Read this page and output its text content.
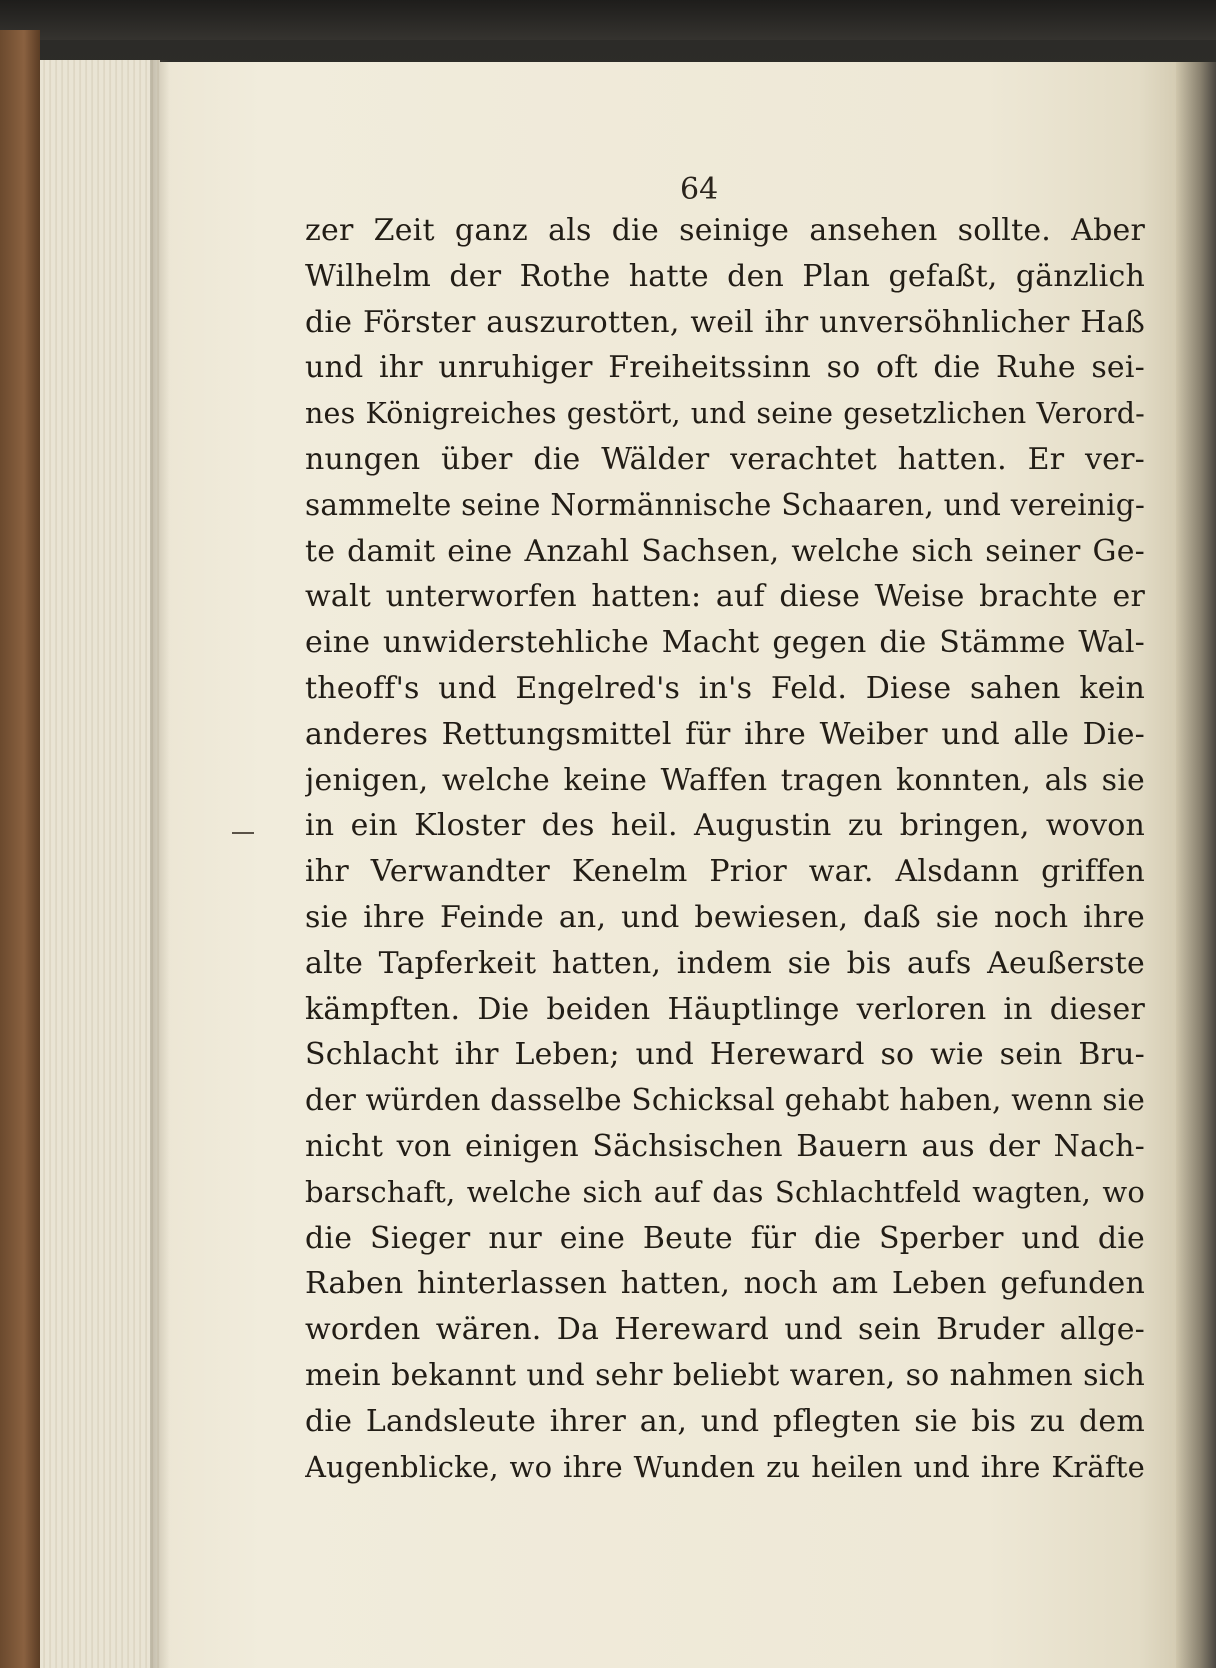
64
zer Zeit ganz als die seinige ansehen sollte. Aber
Wilhelm der Rothe hatte den Plan gefaßt, gänzlich
die Förster auszurotten, weil ihr unversöhnlicher Haß
und ihr unruhiger Freiheitssinn so oft die Ruhe sei-
nes Königreiches gestört, und seine gesetzlichen Verord-
nungen über die Wälder verachtet hatten. Er ver-
sammelte seine Normännische Schaaren, und vereinig-
te damit eine Anzahl Sachsen, welche sich seiner Ge-
walt unterworfen hatten: auf diese Weise brachte er
eine unwiderstehliche Macht gegen die Stämme Wal-
theoff's und Engelred's in's Feld. Diese sahen kein
anderes Rettungsmittel für ihre Weiber und alle Die-
jenigen, welche keine Waffen tragen konnten, als sie
in ein Kloster des heil. Augustin zu bringen, wovon
ihr Verwandter Kenelm Prior war. Alsdann griffen
sie ihre Feinde an, und bewiesen, daß sie noch ihre
alte Tapferkeit hatten, indem sie bis aufs Aeußerste
kämpften. Die beiden Häuptlinge verloren in dieser
Schlacht ihr Leben; und Hereward so wie sein Bru-
der würden dasselbe Schicksal gehabt haben, wenn sie
nicht von einigen Sächsischen Bauern aus der Nach-
barschaft, welche sich auf das Schlachtfeld wagten, wo
die Sieger nur eine Beute für die Sperber und die
Raben hinterlassen hatten, noch am Leben gefunden
worden wären. Da Hereward und sein Bruder allge-
mein bekannt und sehr beliebt waren, so nahmen sich
die Landsleute ihrer an, und pflegten sie bis zu dem
Augenblicke, wo ihre Wunden zu heilen und ihre Kräfte
